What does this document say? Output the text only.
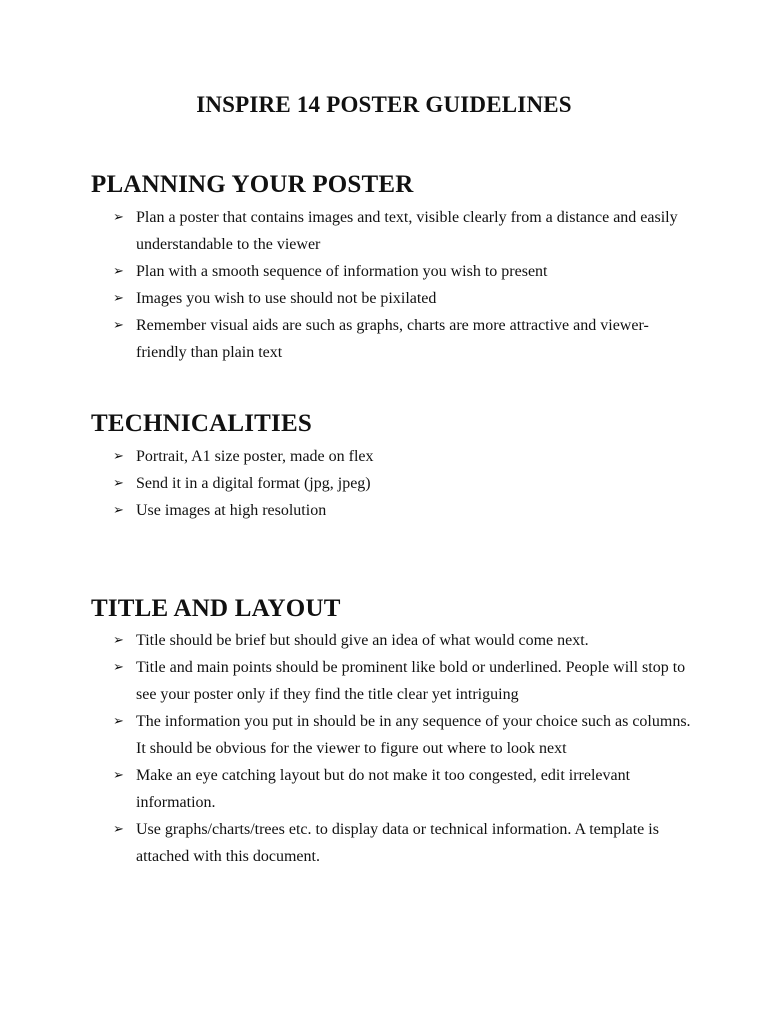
INSPIRE 14 POSTER GUIDELINES
PLANNING YOUR POSTER
➢ Plan a poster that contains images and text, visible clearly from a distance and easily understandable to the viewer
➢ Plan with a smooth sequence of information you wish to present
➢ Images you wish to use should not be pixilated
➢ Remember visual aids are such as graphs, charts are more attractive and viewer-friendly than plain text
TECHNICALITIES
➢ Portrait, A1 size poster, made on flex
➢ Send it in a digital format (jpg, jpeg)
➢ Use images at high resolution
TITLE AND LAYOUT
➢ Title should be brief but should give an idea of what would come next.
➢ Title and main points should be prominent like bold or underlined. People will stop to see your poster only if they find the title clear yet intriguing
➢ The information you put in should be in any sequence of your choice such as columns. It should be obvious for the viewer to figure out where to look next
➢ Make an eye catching layout but do not make it too congested, edit irrelevant information.
➢ Use graphs/charts/trees etc. to display data or technical information. A template is attached with this document.
